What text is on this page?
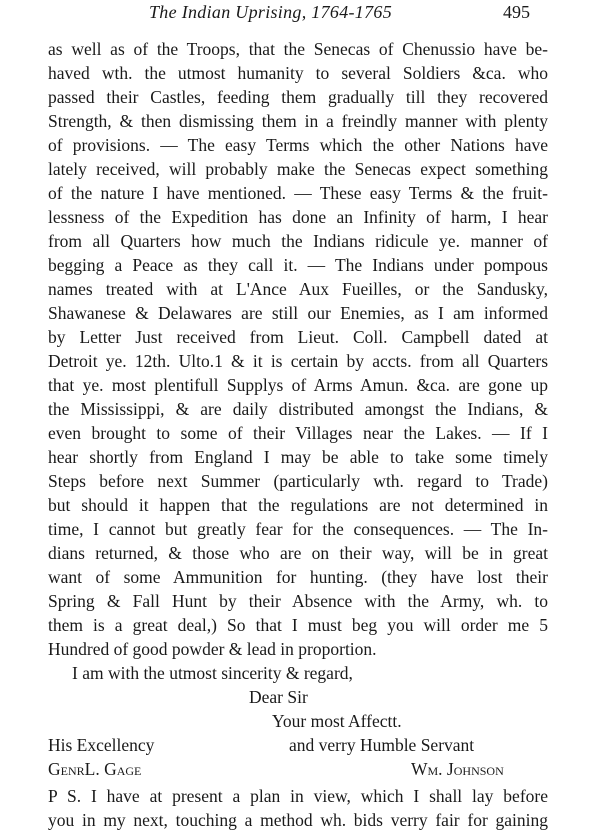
The Indian Uprising, 1764-1765	495
as well as of the Troops, that the Senecas of Chenussio have be-
haved wth. the utmost humanity to several Soldiers &ca. who
passed their Castles, feeding them gradually till they recovered
Strength, & then dismissing them in a freindly manner with plenty
of provisions. — The easy Terms which the other Nations have
lately received, will probably make the Senecas expect something
of the nature I have mentioned. — These easy Terms & the fruit-
lessness of the Expedition has done an Infinity of harm, I hear
from all Quarters how much the Indians ridicule ye. manner of
begging a Peace as they call it. — The Indians under pompous
names treated with at L'Ance Aux Fueilles, or the Sandusky,
Shawanese & Delawares are still our Enemies, as I am informed
by Letter Just received from Lieut. Coll. Campbell dated at
Detroit ye. 12th. Ulto.1 & it is certain by accts. from all Quarters
that ye. most plentifull Supplys of Arms Amun. &ca. are gone up
the Mississippi, & are daily distributed amongst the Indians, &
even brought to some of their Villages near the Lakes. — If I
hear shortly from England I may be able to take some timely
Steps before next Summer (particularly wth. regard to Trade)
but should it happen that the regulations are not determined in
time, I cannot but greatly fear for the consequences. — The In-
dians returned, & those who are on their way, will be in great
want of some Ammunition for hunting. (they have lost their
Spring & Fall Hunt by their Absence with the Army, wh. to
them is a great deal,) So that I must beg you will order me 5
Hundred of good powder & lead in proportion.
I am with the utmost sincerity & regard,
Dear Sir
Your most Affectt.
His Excellency	and verry Humble Servant
GenrL. Gage	Wm. Johnson
P S. I have at present a plan in view, which I shall lay before
you in my next, touching a method wh. bids verry fair for gaining
